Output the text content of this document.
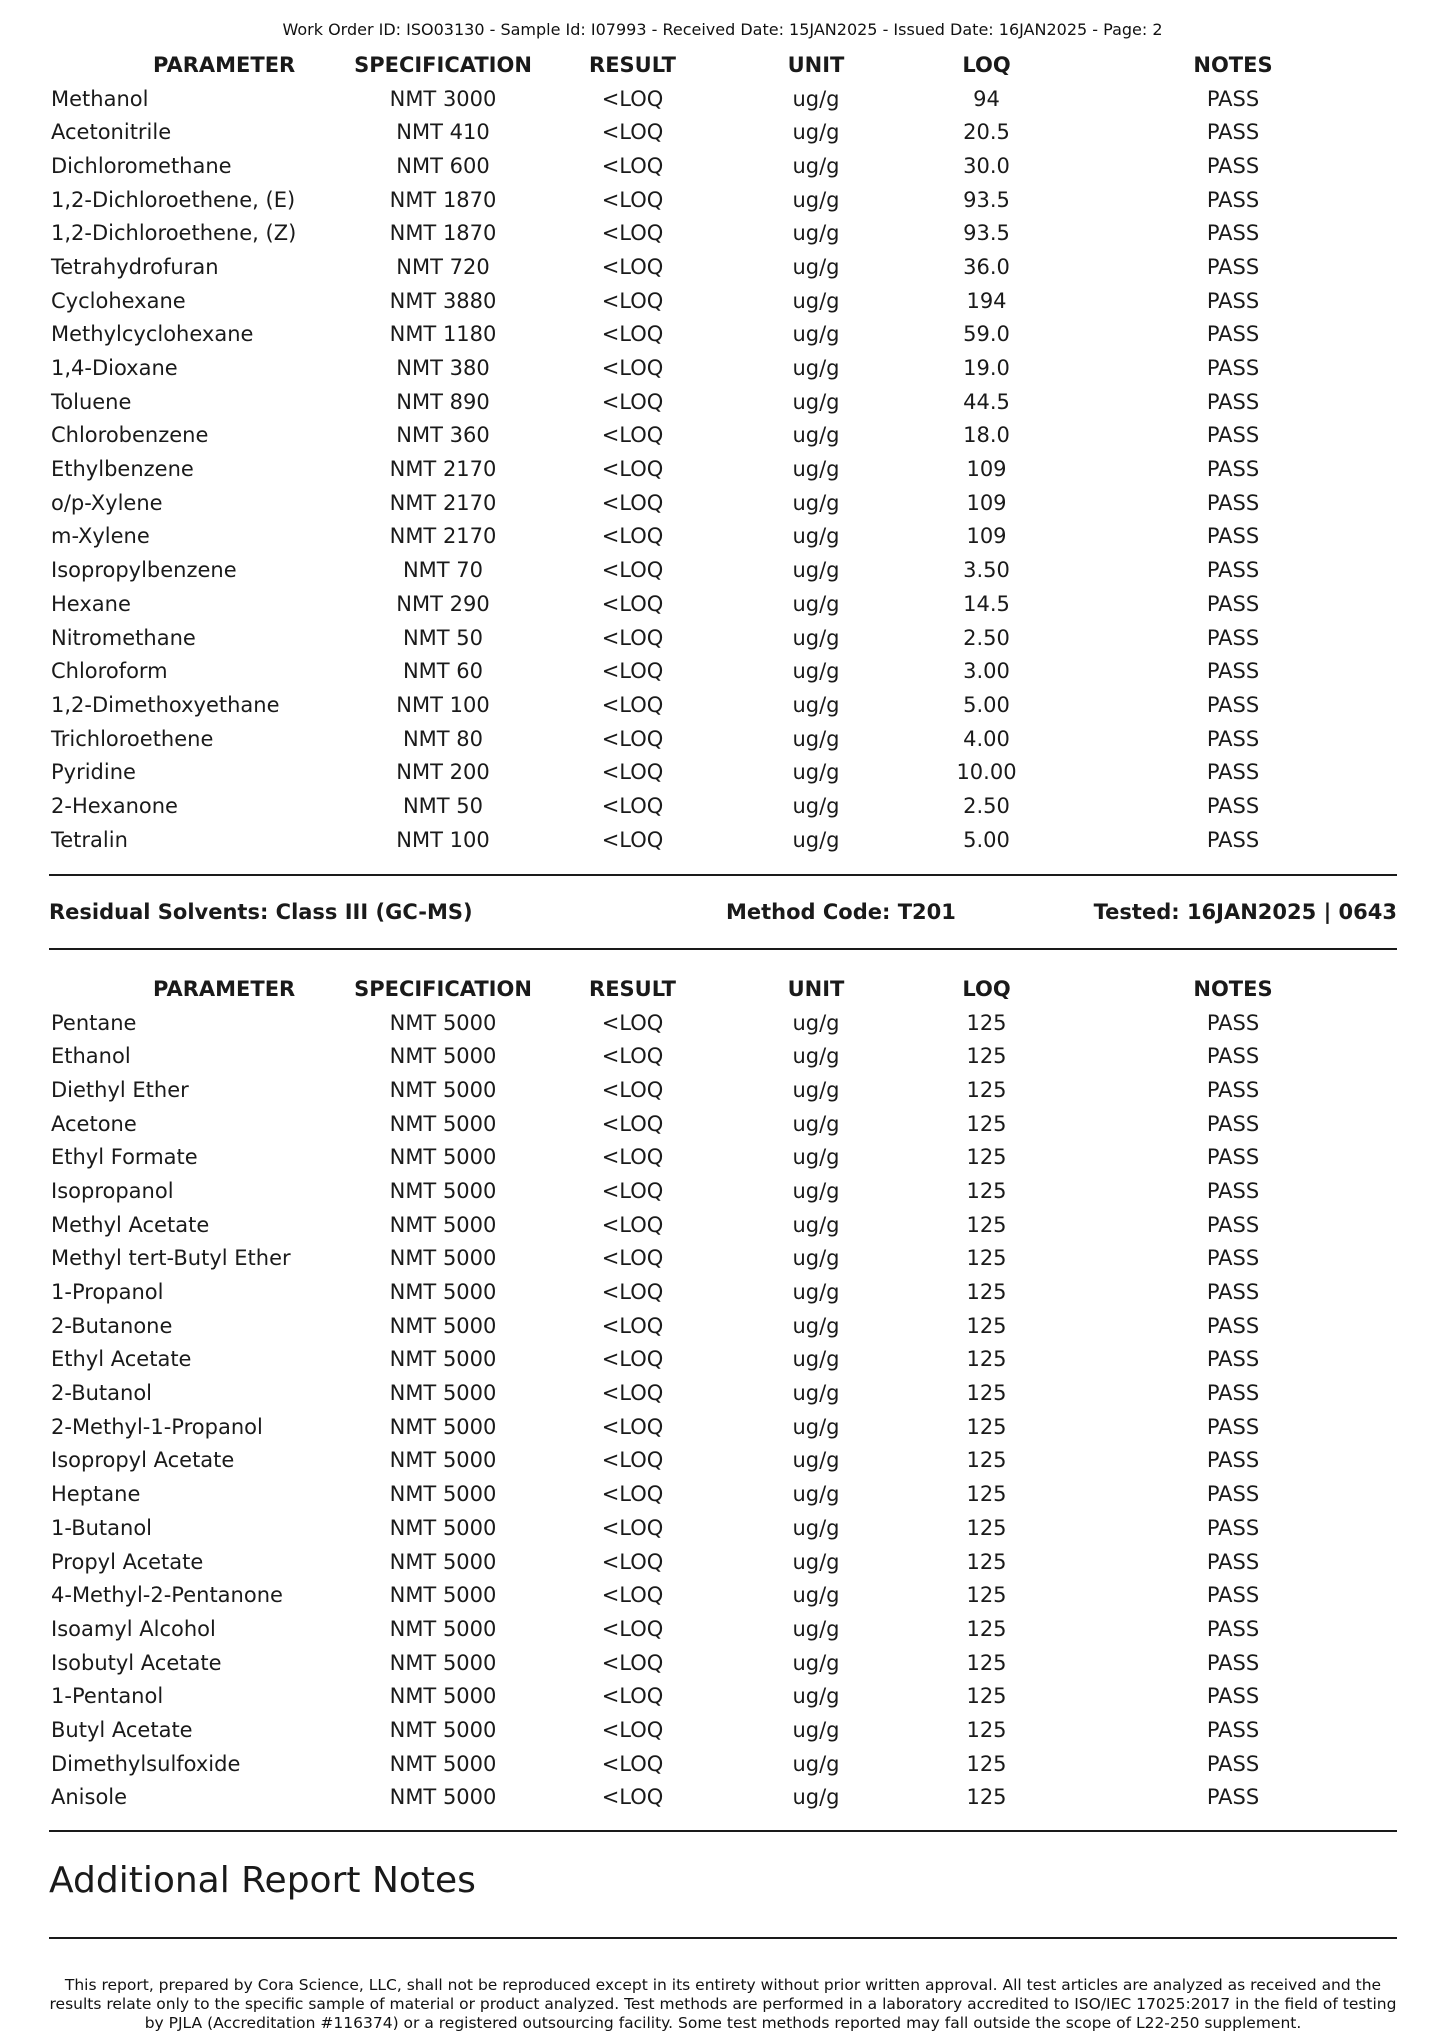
Work Order ID: ISO03130 - Sample Id: I07993 - Received Date: 15JAN2025 - Issued Date: 16JAN2025 - Page: 2
PARAMETER	SPECIFICATION	RESULT	UNIT	LOQ	NOTES
Methanol	NMT 3000	<LOQ	ug/g	94	PASS
Acetonitrile	NMT 410	<LOQ	ug/g	20.5	PASS
Dichloromethane	NMT 600	<LOQ	ug/g	30.0	PASS
1,2-Dichloroethene, (E)	NMT 1870	<LOQ	ug/g	93.5	PASS
1,2-Dichloroethene, (Z)	NMT 1870	<LOQ	ug/g	93.5	PASS
Tetrahydrofuran	NMT 720	<LOQ	ug/g	36.0	PASS
Cyclohexane	NMT 3880	<LOQ	ug/g	194	PASS
Methylcyclohexane	NMT 1180	<LOQ	ug/g	59.0	PASS
1,4-Dioxane	NMT 380	<LOQ	ug/g	19.0	PASS
Toluene	NMT 890	<LOQ	ug/g	44.5	PASS
Chlorobenzene	NMT 360	<LOQ	ug/g	18.0	PASS
Ethylbenzene	NMT 2170	<LOQ	ug/g	109	PASS
o/p-Xylene	NMT 2170	<LOQ	ug/g	109	PASS
m-Xylene	NMT 2170	<LOQ	ug/g	109	PASS
Isopropylbenzene	NMT 70	<LOQ	ug/g	3.50	PASS
Hexane	NMT 290	<LOQ	ug/g	14.5	PASS
Nitromethane	NMT 50	<LOQ	ug/g	2.50	PASS
Chloroform	NMT 60	<LOQ	ug/g	3.00	PASS
1,2-Dimethoxyethane	NMT 100	<LOQ	ug/g	5.00	PASS
Trichloroethene	NMT 80	<LOQ	ug/g	4.00	PASS
Pyridine	NMT 200	<LOQ	ug/g	10.00	PASS
2-Hexanone	NMT 50	<LOQ	ug/g	2.50	PASS
Tetralin	NMT 100	<LOQ	ug/g	5.00	PASS
Residual Solvents: Class III (GC-MS)	Method Code: T201	Tested: 16JAN2025 | 0643
PARAMETER	SPECIFICATION	RESULT	UNIT	LOQ	NOTES
Pentane	NMT 5000	<LOQ	ug/g	125	PASS
Ethanol	NMT 5000	<LOQ	ug/g	125	PASS
Diethyl Ether	NMT 5000	<LOQ	ug/g	125	PASS
Acetone	NMT 5000	<LOQ	ug/g	125	PASS
Ethyl Formate	NMT 5000	<LOQ	ug/g	125	PASS
Isopropanol	NMT 5000	<LOQ	ug/g	125	PASS
Methyl Acetate	NMT 5000	<LOQ	ug/g	125	PASS
Methyl tert-Butyl Ether	NMT 5000	<LOQ	ug/g	125	PASS
1-Propanol	NMT 5000	<LOQ	ug/g	125	PASS
2-Butanone	NMT 5000	<LOQ	ug/g	125	PASS
Ethyl Acetate	NMT 5000	<LOQ	ug/g	125	PASS
2-Butanol	NMT 5000	<LOQ	ug/g	125	PASS
2-Methyl-1-Propanol	NMT 5000	<LOQ	ug/g	125	PASS
Isopropyl Acetate	NMT 5000	<LOQ	ug/g	125	PASS
Heptane	NMT 5000	<LOQ	ug/g	125	PASS
1-Butanol	NMT 5000	<LOQ	ug/g	125	PASS
Propyl Acetate	NMT 5000	<LOQ	ug/g	125	PASS
4-Methyl-2-Pentanone	NMT 5000	<LOQ	ug/g	125	PASS
Isoamyl Alcohol	NMT 5000	<LOQ	ug/g	125	PASS
Isobutyl Acetate	NMT 5000	<LOQ	ug/g	125	PASS
1-Pentanol	NMT 5000	<LOQ	ug/g	125	PASS
Butyl Acetate	NMT 5000	<LOQ	ug/g	125	PASS
Dimethylsulfoxide	NMT 5000	<LOQ	ug/g	125	PASS
Anisole	NMT 5000	<LOQ	ug/g	125	PASS
Additional Report Notes
This report, prepared by Cora Science, LLC, shall not be reproduced except in its entirety without prior written approval. All test articles are analyzed as received and the results relate only to the specific sample of material or product analyzed. Test methods are performed in a laboratory accredited to ISO/IEC 17025:2017 in the field of testing by PJLA (Accreditation #116374) or a registered outsourcing facility. Some test methods reported may fall outside the scope of L22-250 supplement.
